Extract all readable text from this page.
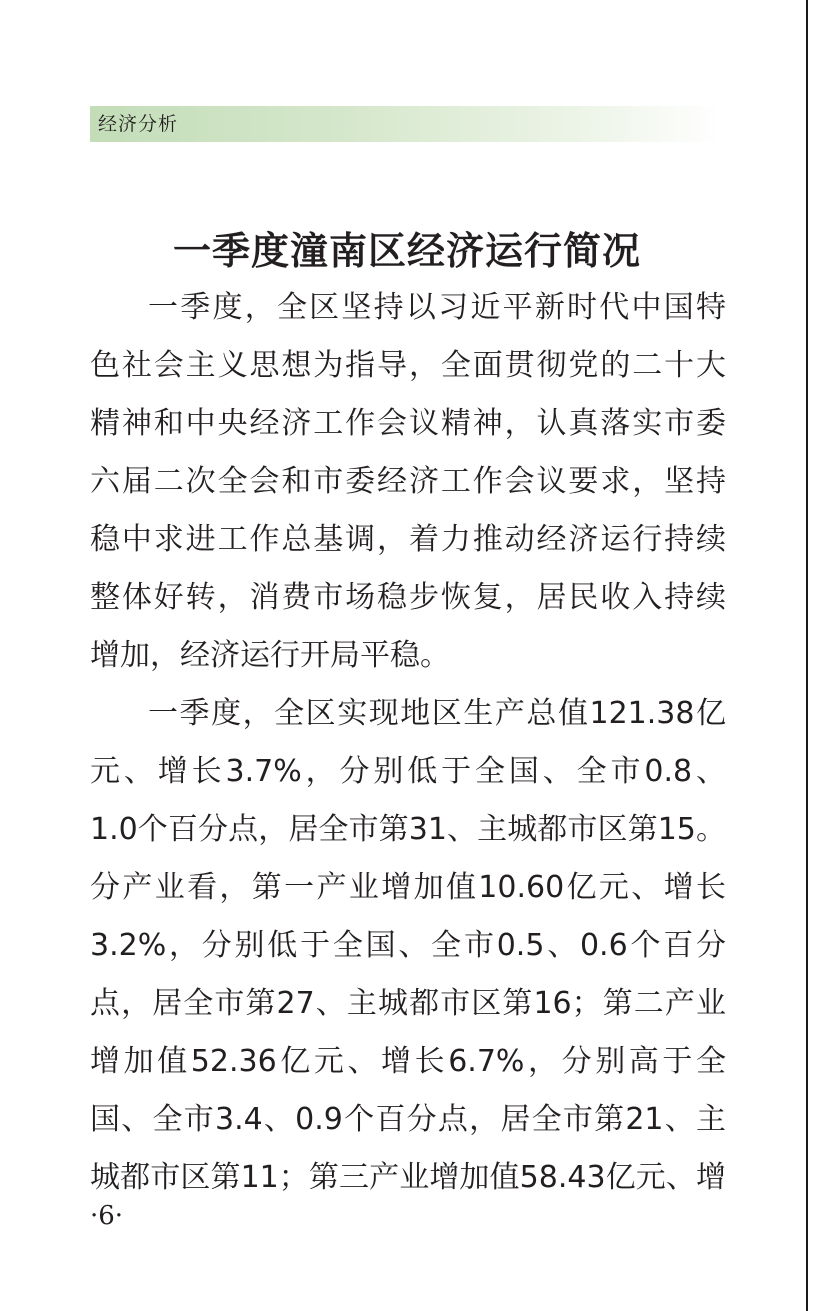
经济分析
一季度潼南区经济运行简况
一季度，全区坚持以习近平新时代中国特
色社会主义思想为指导，全面贯彻党的二十大
精神和中央经济工作会议精神，认真落实市委
六届二次全会和市委经济工作会议要求，坚持
稳中求进工作总基调，着力推动经济运行持续
整体好转，消费市场稳步恢复，居民收入持续
增加，经济运行开局平稳。
一季度，全区实现地区生产总值121.38亿
元、增长3.7%，分别低于全国、全市0.8、
1.0个百分点，居全市第31、主城都市区第15。
分产业看，第一产业增加值10.60亿元、增长
3.2%，分别低于全国、全市0.5、0.6个百分
点，居全市第27、主城都市区第16；第二产业
增加值52.36亿元、增长6.7%，分别高于全
国、全市3.4、0.9个百分点，居全市第21、主
城都市区第11；第三产业增加值58.43亿元、增
·6·
